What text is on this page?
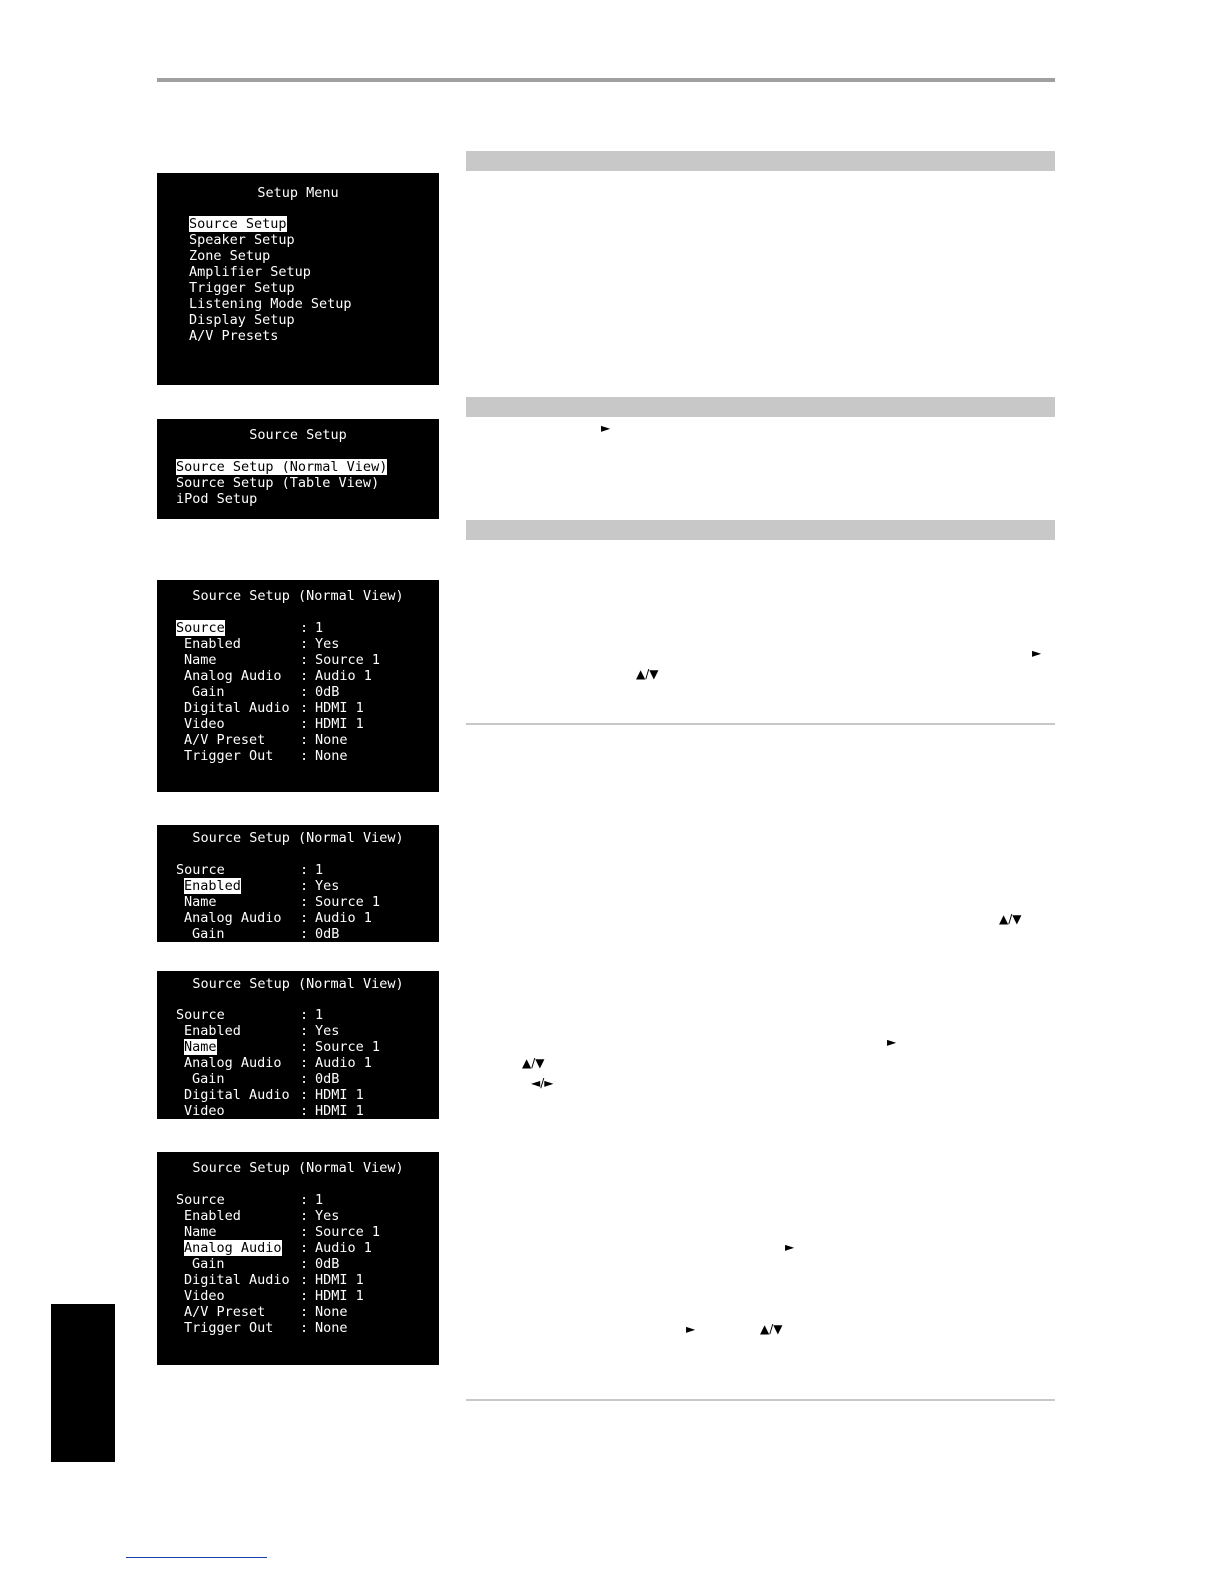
►
►
▲/▼
▲/▼
►
▲/▼
◄/►
►
►	▲/▼
Setup Menu
Source Setup
Speaker Setup
Zone Setup
Amplifier Setup
Trigger Setup
Listening Mode Setup
Display Setup
A/V Presets
Source Setup
Source Setup (Normal View)
Source Setup (Table View)
iPod Setup
Source Setup (Normal View)
Source	: 1
Enabled	: Yes
Name	: Source 1
Analog Audio : Audio 1
Gain	: 0dB
Digital Audio : HDMI 1
Video	: HDMI 1
A/V Preset	: None
Trigger Out : None
Source Setup (Normal View)
Source	: 1
Enabled	: Yes
Name	: Source 1
Analog Audio : Audio 1
Gain	: 0dB
Source Setup (Normal View)
Source	: 1
Enabled	: Yes
Name	: Source 1
Analog Audio : Audio 1
Gain	: 0dB
Digital Audio : HDMI 1
Video	: HDMI 1
Source Setup (Normal View)
Source	: 1
Enabled	: Yes
Name	: Source 1
Analog Audio : Audio 1
Gain	: 0dB
Digital Audio : HDMI 1
Video	: HDMI 1
A/V Preset	: None
Trigger Out : None
